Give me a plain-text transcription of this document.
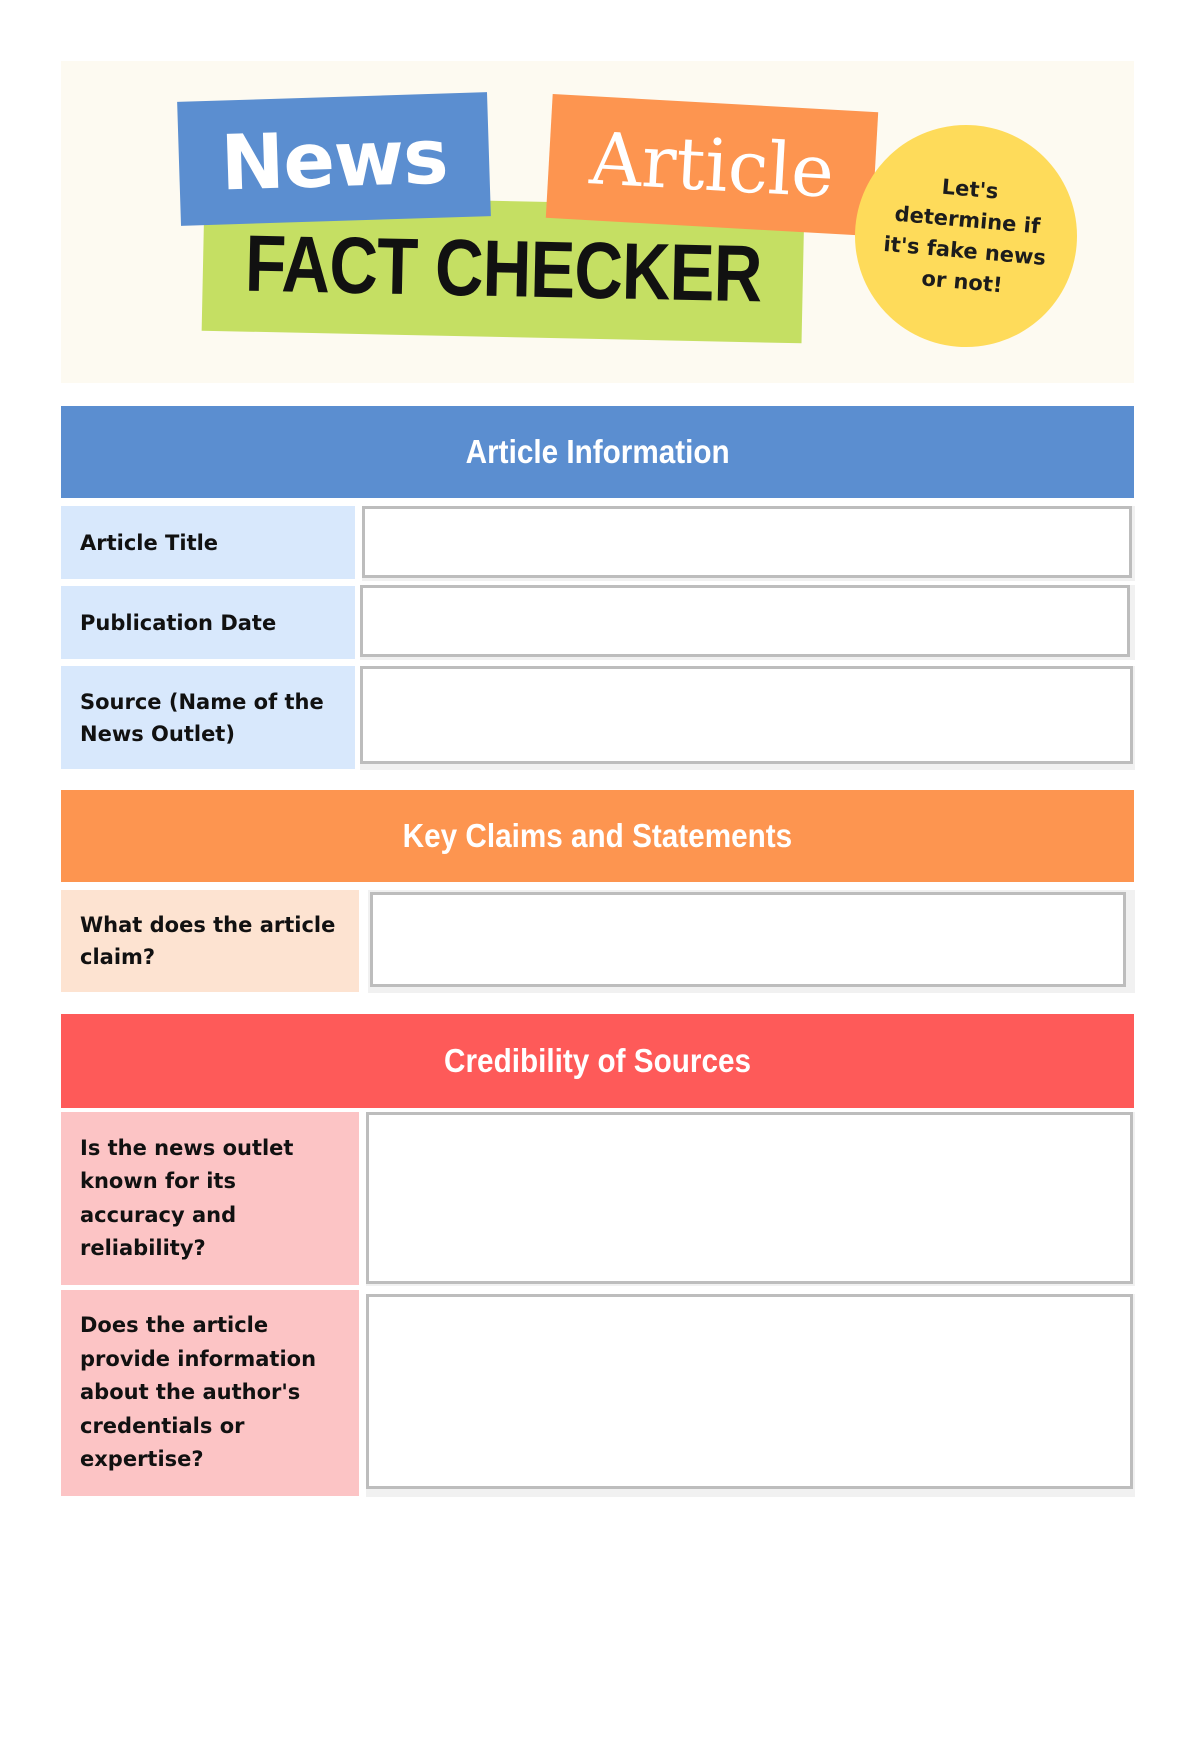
FACT CHECKER
News Article	Let's determine if it's fake news or not!
Article Information
Article Title
Publication Date
Source (Name of the News Outlet)
Key Claims and Statements
What does the article claim?
Credibility of Sources
Is the news outlet known for its accuracy and reliability?
Does the article provide information about the author's credentials or expertise?
